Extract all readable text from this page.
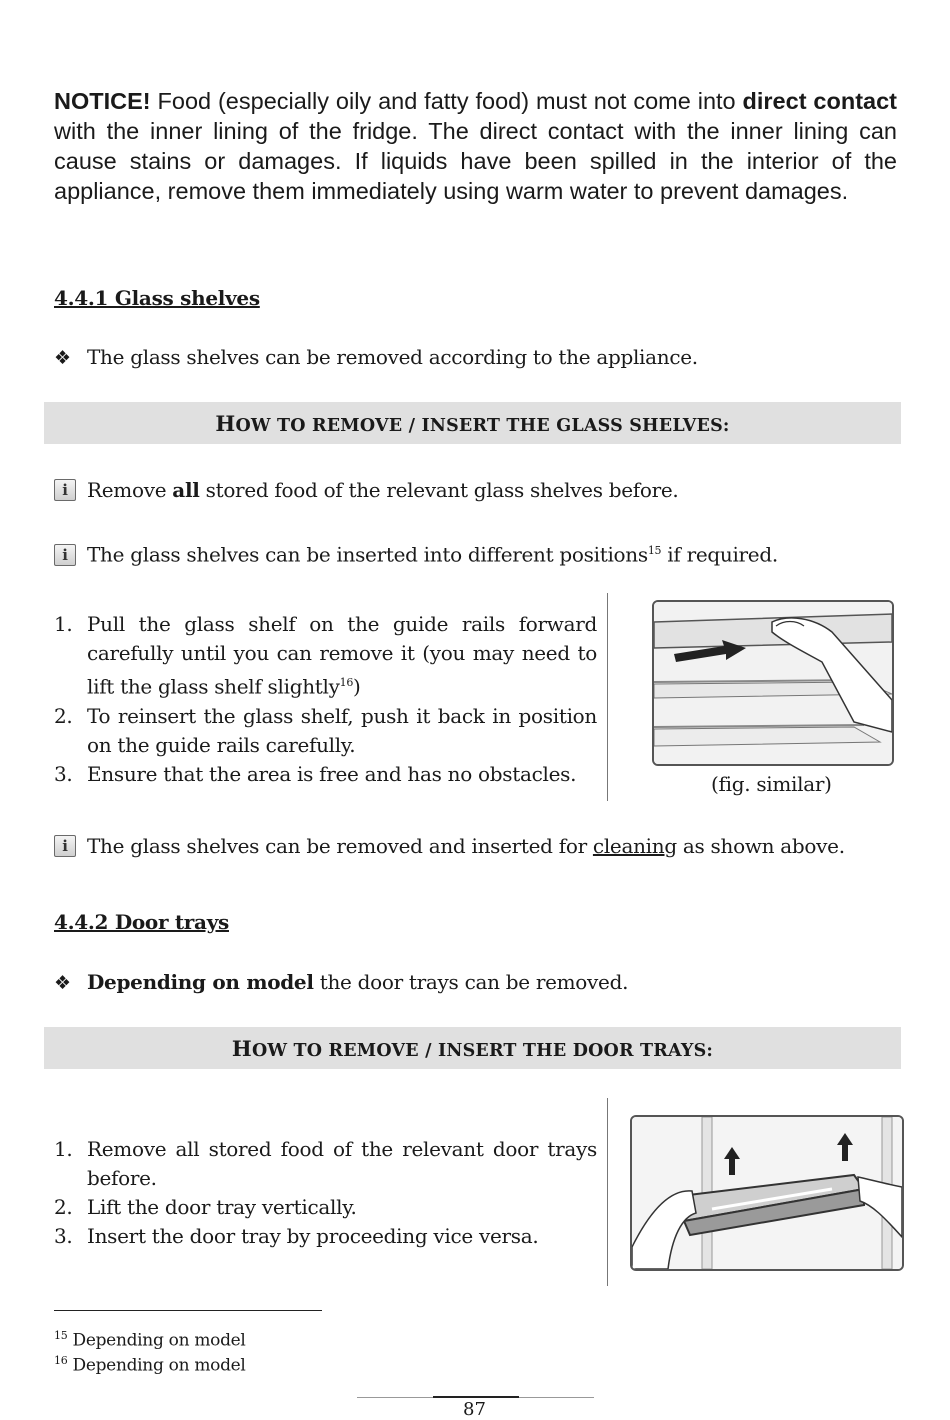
NOTICE! Food (especially oily and fatty food) must not come into direct contact with the inner lining of the fridge. The direct contact with the inner lining can cause stains or damages. If liquids have been spilled in the interior of the appliance, remove them immediately using warm water to prevent damages.

4.4.1 Glass shelves

❖ The glass shelves can be removed according to the appliance.

HOW TO REMOVE / INSERT THE GLASS SHELVES:

i Remove all stored food of the relevant glass shelves before.

i The glass shelves can be inserted into different positions$^{15}$ if required.

1. Pull the glass shelf on the guide rails forward carefully until you can remove it (you may need to lift the glass shelf slightly$^{16}$)
2. To reinsert the glass shelf, push it back in position on the guide rails carefully.
3. Ensure that the area is free and has no obstacles.	(fig. similar)

i The glass shelves can be removed and inserted for cleaning as shown above.

4.4.2 Door trays

❖ Depending on model the door trays can be removed.

HOW TO REMOVE / INSERT THE DOOR TRAYS:
1. Remove all stored food of the relevant door trays before.
2. Lift the door tray vertically.
3. Insert the door tray by proceeding vice versa.
$^{15}$ Depending on model
$^{16}$ Depending on model
87
